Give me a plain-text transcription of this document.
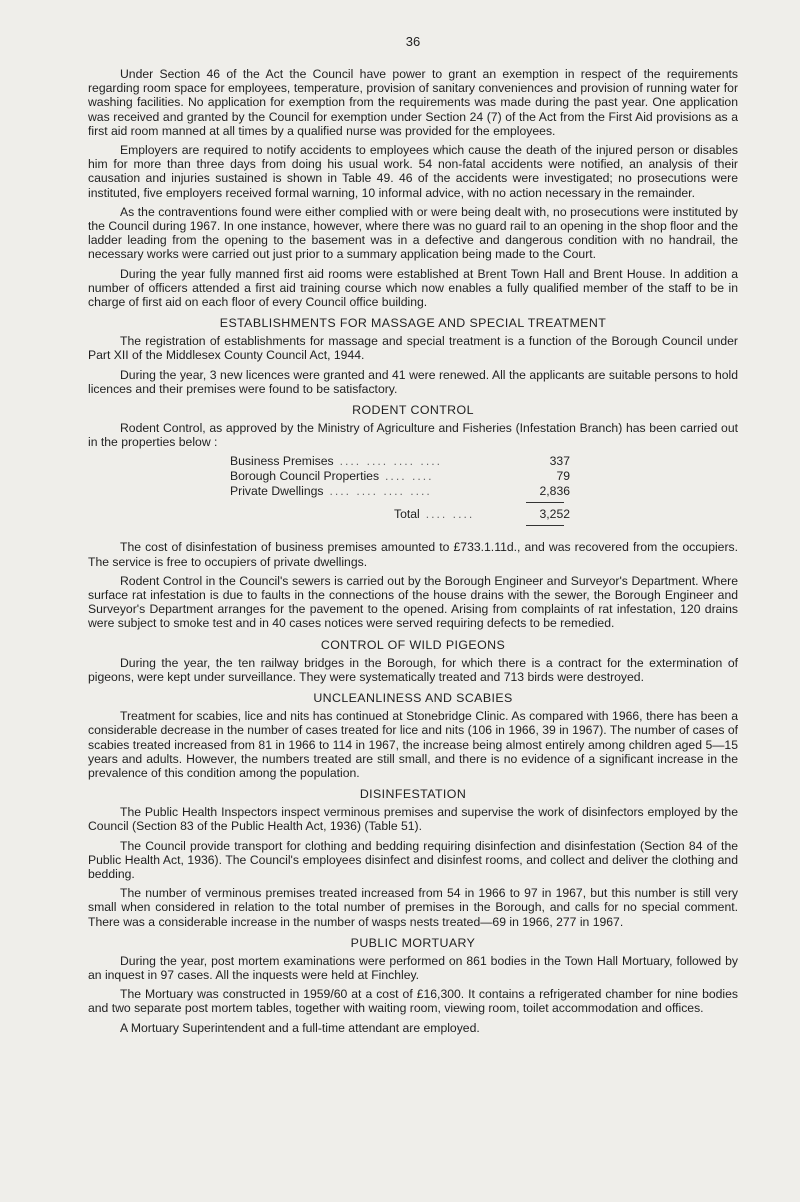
36

Under Section 46 of the Act the Council have power to grant an exemption in respect of the requirements regarding room space for employees, temperature, provision of sanitary conveniences and provision of running water for washing facilities. No application for exemption from the requirements was made during the past year. One application was received and granted by the Council for exemption under Section 24 (7) of the Act from the First Aid provisions as a first aid room manned at all times by a qualified nurse was provided for the employees.

Employers are required to notify accidents to employees which cause the death of the injured person or disables him for more than three days from doing his usual work. 54 non-fatal accidents were notified, an analysis of their causation and injuries sustained is shown in Table 49. 46 of the accidents were investigated; no prosecutions were instituted, five employers received formal warning, 10 informal advice, with no action necessary in the remainder.

As the contraventions found were either complied with or were being dealt with, no prosecutions were instituted by the Council during 1967. In one instance, however, where there was no guard rail to an opening in the shop floor and the ladder leading from the opening to the basement was in a defective and dangerous condition with no handrail, the necessary works were carried out just prior to a summary application being made to the Court.

During the year fully manned first aid rooms were established at Brent Town Hall and Brent House. In addition a number of officers attended a first aid training course which now enables a fully qualified member of the staff to be in charge of first aid on each floor of every Council office building.

ESTABLISHMENTS FOR MASSAGE AND SPECIAL TREATMENT

The registration of establishments for massage and special treatment is a function of the Borough Council under Part XII of the Middlesex County Council Act, 1944.

During the year, 3 new licences were granted and 41 were renewed. All the applicants are suitable persons to hold licences and their premises were found to be satisfactory.

RODENT CONTROL

Rodent Control, as approved by the Ministry of Agriculture and Fisheries (Infestation Branch) has been carried out in the properties below :

Business Premises .... .... .... ....	337
Borough Council Properties .... ....	79
Private Dwellings .... .... .... ....	2,836
Total .... ....	3,252

The cost of disinfestation of business premises amounted to £733.1.11d., and was recovered from the occupiers. The service is free to occupiers of private dwellings.

Rodent Control in the Council's sewers is carried out by the Borough Engineer and Surveyor's Department. Where surface rat infestation is due to faults in the connections of the house drains with the sewer, the Borough Engineer and Surveyor's Department arranges for the pavement to the opened. Arising from complaints of rat infestation, 120 drains were subject to smoke test and in 40 cases notices were served requiring defects to be remedied.

CONTROL OF WILD PIGEONS

During the year, the ten railway bridges in the Borough, for which there is a contract for the extermination of pigeons, were kept under surveillance. They were systematically treated and 713 birds were destroyed.

UNCLEANLINESS AND SCABIES

Treatment for scabies, lice and nits has continued at Stonebridge Clinic. As compared with 1966, there has been a considerable decrease in the number of cases treated for lice and nits (106 in 1966, 39 in 1967). The number of cases of scabies treated increased from 81 in 1966 to 114 in 1967, the increase being almost entirely among children aged 5—15 years and adults. However, the numbers treated are still small, and there is no evidence of a significant increase in the prevalence of this condition among the population.

DISINFESTATION

The Public Health Inspectors inspect verminous premises and supervise the work of disinfectors employed by the Council (Section 83 of the Public Health Act, 1936) (Table 51).

The Council provide transport for clothing and bedding requiring disinfection and disinfestation (Section 84 of the Public Health Act, 1936). The Council's employees disinfect and disinfest rooms, and collect and deliver the clothing and bedding.

The number of verminous premises treated increased from 54 in 1966 to 97 in 1967, but this number is still very small when considered in relation to the total number of premises in the Borough, and calls for no special comment. There was a considerable increase in the number of wasps nests treated—69 in 1966, 277 in 1967.

PUBLIC MORTUARY

During the year, post mortem examinations were performed on 861 bodies in the Town Hall Mortuary, followed by an inquest in 97 cases. All the inquests were held at Finchley.

The Mortuary was constructed in 1959/60 at a cost of £16,300. It contains a refrigerated chamber for nine bodies and two separate post mortem tables, together with waiting room, viewing room, toilet accommodation and offices.

A Mortuary Superintendent and a full-time attendant are employed.
